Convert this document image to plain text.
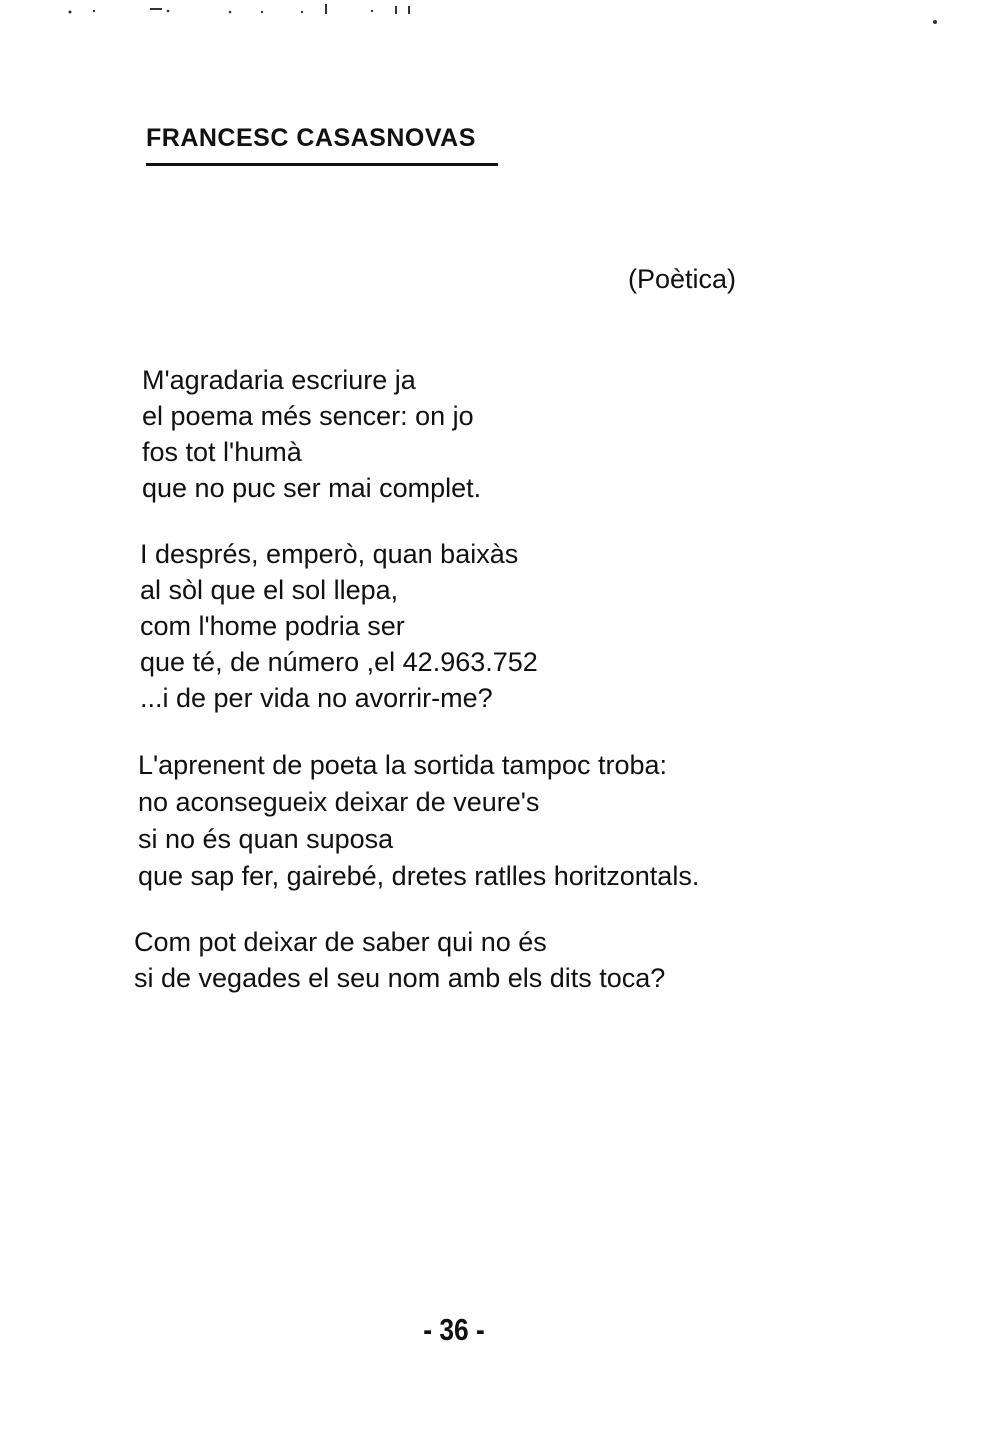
FRANCESC CASASNOVAS

(Poètica)

M'agradaria escriure ja
el poema més sencer: on jo
fos tot l'humà
que no puc ser mai complet.

I després, emperò, quan baixàs
al sòl que el sol llepa,
com l'home podria ser
que té, de número ,el 42.963.752
...i de per vida no avorrir-me?

L'aprenent de poeta la sortida tampoc troba:
no aconsegueix deixar de veure's
si no és quan suposa
que sap fer, gairebé, dretes ratlles horitzontals.

Com pot deixar de saber qui no és
si de vegades el seu nom amb els dits toca?

- 36 -
